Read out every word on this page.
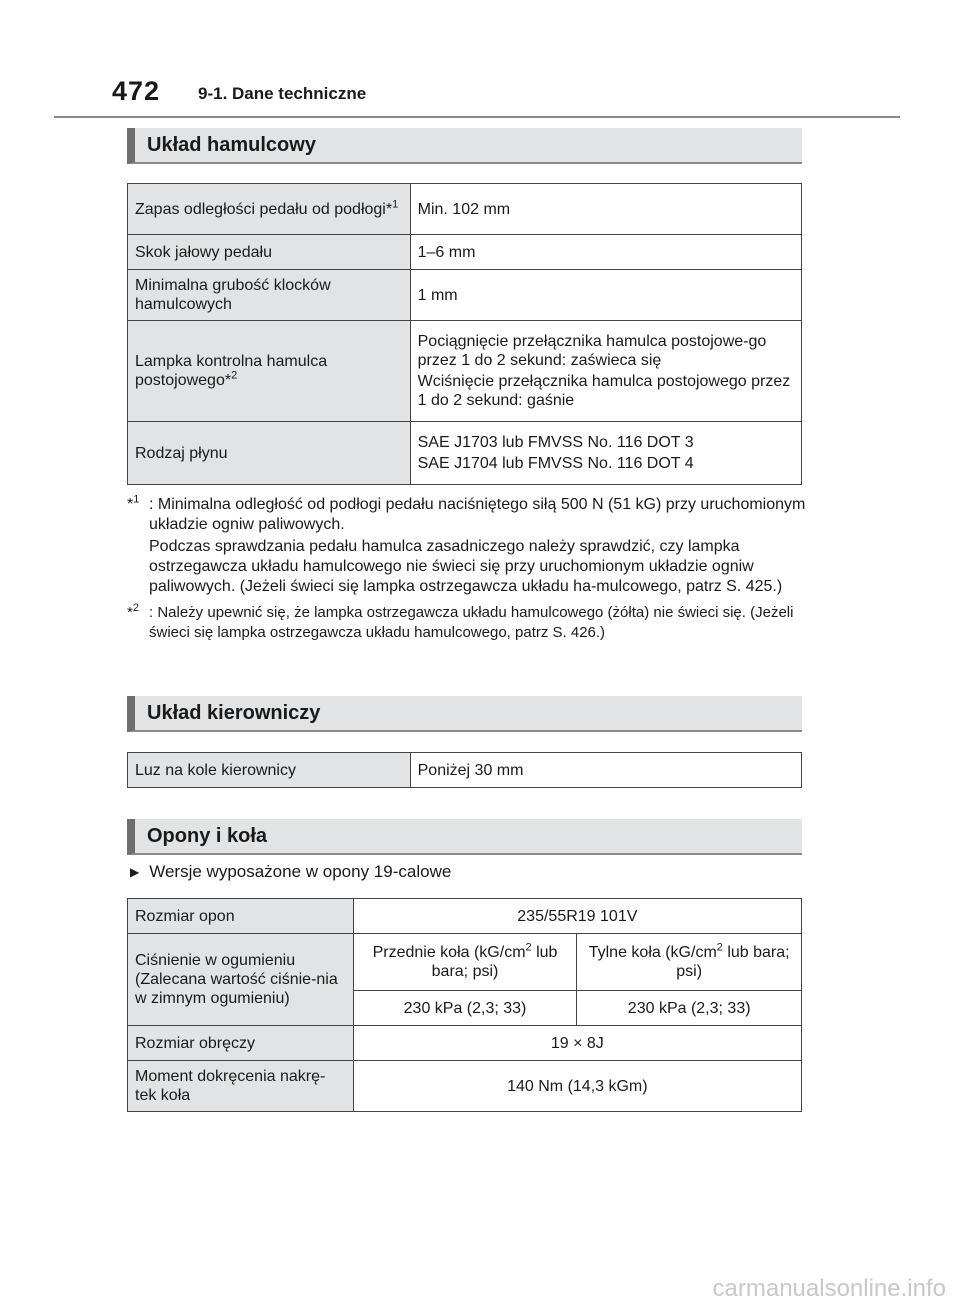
472 9-1. Dane techniczne
Układ hamulcowy
Zapas odległości pedału od podłogi*$^1$	Min. 102 mm
Skok jałowy pedału	1–6 mm
Minimalna grubość klocków hamulcowych	1 mm
Lampka kontrolna hamulca postojowego*$^2$	Pociągnięcie przełącznika hamulca postojowe-go przez 1 do 2 sekund: zaświeca się

Wciśnięcie przełącznika hamulca postojowego przez 1 do 2 sekund: gaśnie

Rodzaj płynu	SAE J1703 lub FMVSS No. 116 DOT 3

SAE J1704 lub FMVSS No. 116 DOT 4

*$^1$ : Minimalna odległość od podłogi pedału naciśniętego siłą 500 N (51 kG) przy uruchomionym układzie ogniw paliwowych.
Podczas sprawdzania pedału hamulca zasadniczego należy sprawdzić, czy lampka ostrzegawcza układu hamulcowego nie świeci się przy uruchomionym układzie ogniw paliwowych. (Jeżeli świeci się lampka ostrzegawcza układu ha-mulcowego, patrz S. 425.)
*$^2$ : Należy upewnić się, że lampka ostrzegawcza układu hamulcowego (żółta) nie świeci się. (Jeżeli świeci się lampka ostrzegawcza układu hamulcowego, patrz S. 426.)
Układ kierowniczy
Luz na kole kierownicy	Poniżej 30 mm
Opony i koła
▶ Wersje wyposażone w opony 19-calowe
Rozmiar opon	235/55R19 101V	
Ciśnienie w ogumieniu (Zalecana wartość ciśnie-nia w zimnym ogumieniu)	Przednie koła ($kG/cm^2$ lub bara; psi)	Tylne koła ($kG/cm^2$ lub bara; psi)
	230 kPa (2,3; 33)	230 kPa (2,3; 33)
Rozmiar obręczy	19 × 8J	
Moment dokręcenia nakrę-tek koła	140 Nm (14,3 kGm)	
carmanualsonline.info
